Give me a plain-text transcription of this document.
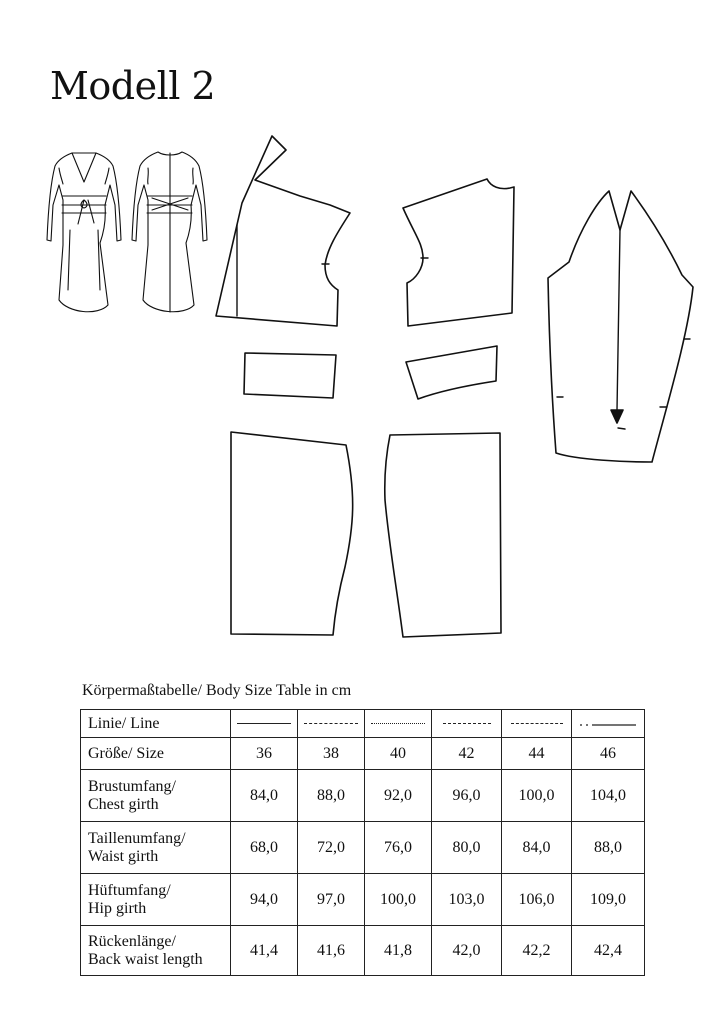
Modell 2
Körpermaßtabelle/ Body Size Table in cm
Linie/ Line	

Größe/ Size	36	38	40	42	44	46
Brustumfang/
Chest girth	84,0	88,0	92,0	96,0	100,0	104,0
Taillenumfang/
Waist girth	68,0	72,0	76,0	80,0	84,0	88,0
Hüftumfang/
Hip girth	94,0	97,0	100,0	103,0	106,0	109,0
Rückenlänge/
Back waist length	41,4	41,6	41,8	42,0	42,2	42,4
